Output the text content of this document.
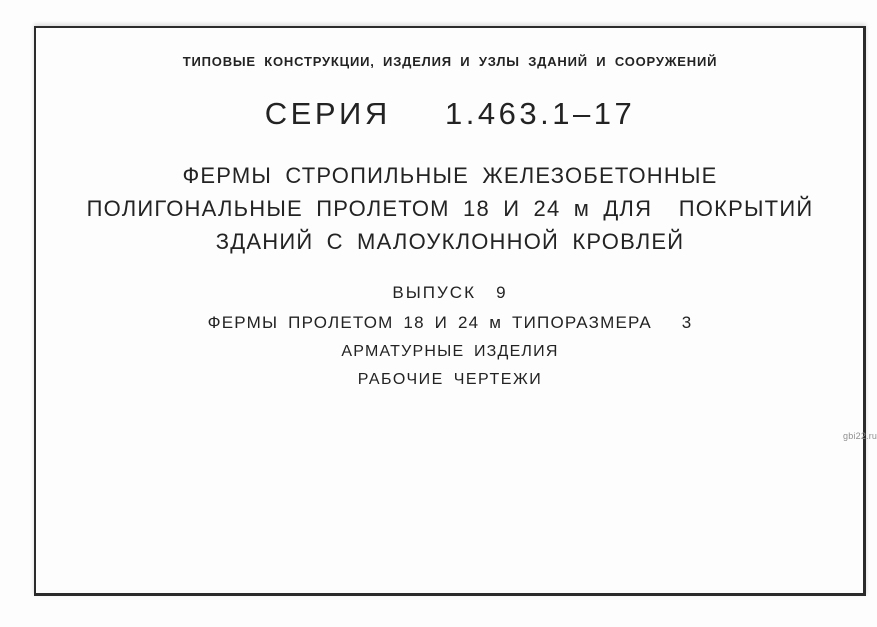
ТИПОВЫЕ КОНСТРУКЦИИ, ИЗДЕЛИЯ И УЗЛЫ ЗДАНИЙ И СООРУЖЕНИЙ
СЕРИЯ   1.463.1–17
ФЕРМЫ СТРОПИЛЬНЫЕ ЖЕЛЕЗОБЕТОННЫЕ
ПОЛИГОНАЛЬНЫЕ ПРОЛЕТОМ 18 И 24 м ДЛЯ  ПОКРЫТИЙ
ЗДАНИЙ С МАЛОУКЛОННОЙ КРОВЛЕЙ
ВЫПУСК   9
ФЕРМЫ ПРОЛЕТОМ 18 И 24 м ТИПОРАЗМЕРА   3
АРМАТУРНЫЕ ИЗДЕЛИЯ
РАБОЧИЕ ЧЕРТЕЖИ
gbi22.ru
